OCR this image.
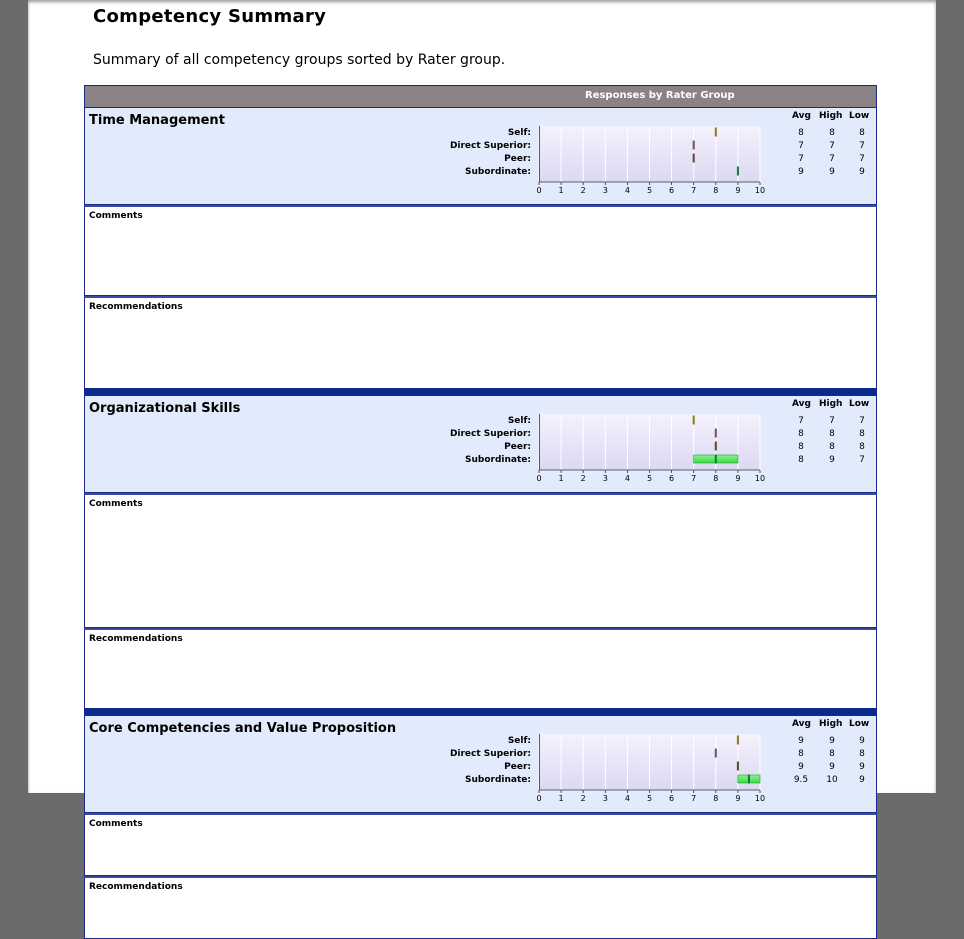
Competency Summary
Summary of all competency groups sorted by Rater group.
Responses by Rater Group
Time Management	Avg High Low
Self:	8	8	8
Direct Superior:	7	7	7
Peer:	7	7	7
Subordinate:	9	9	9
0 1 2 3 4 5 6 7 8 9 10
Comments
Recommendations
Organizational Skills	Avg High Low
Self:	7	7	7
Direct Superior:	8	8	8
Peer:	8	8	8
Subordinate:	8	9	7
0 1 2 3 4 5 6 7 8 9 10
Comments
Recommendations
Core Competencies and Value Proposition	Avg High Low
Self:	9	9	9
Direct Superior:	8	8	8
Peer:	9	9	9
Subordinate:	9.5	10	9
0 1 2 3 4 5 6 7 8 9 10
Comments
Recommendations
